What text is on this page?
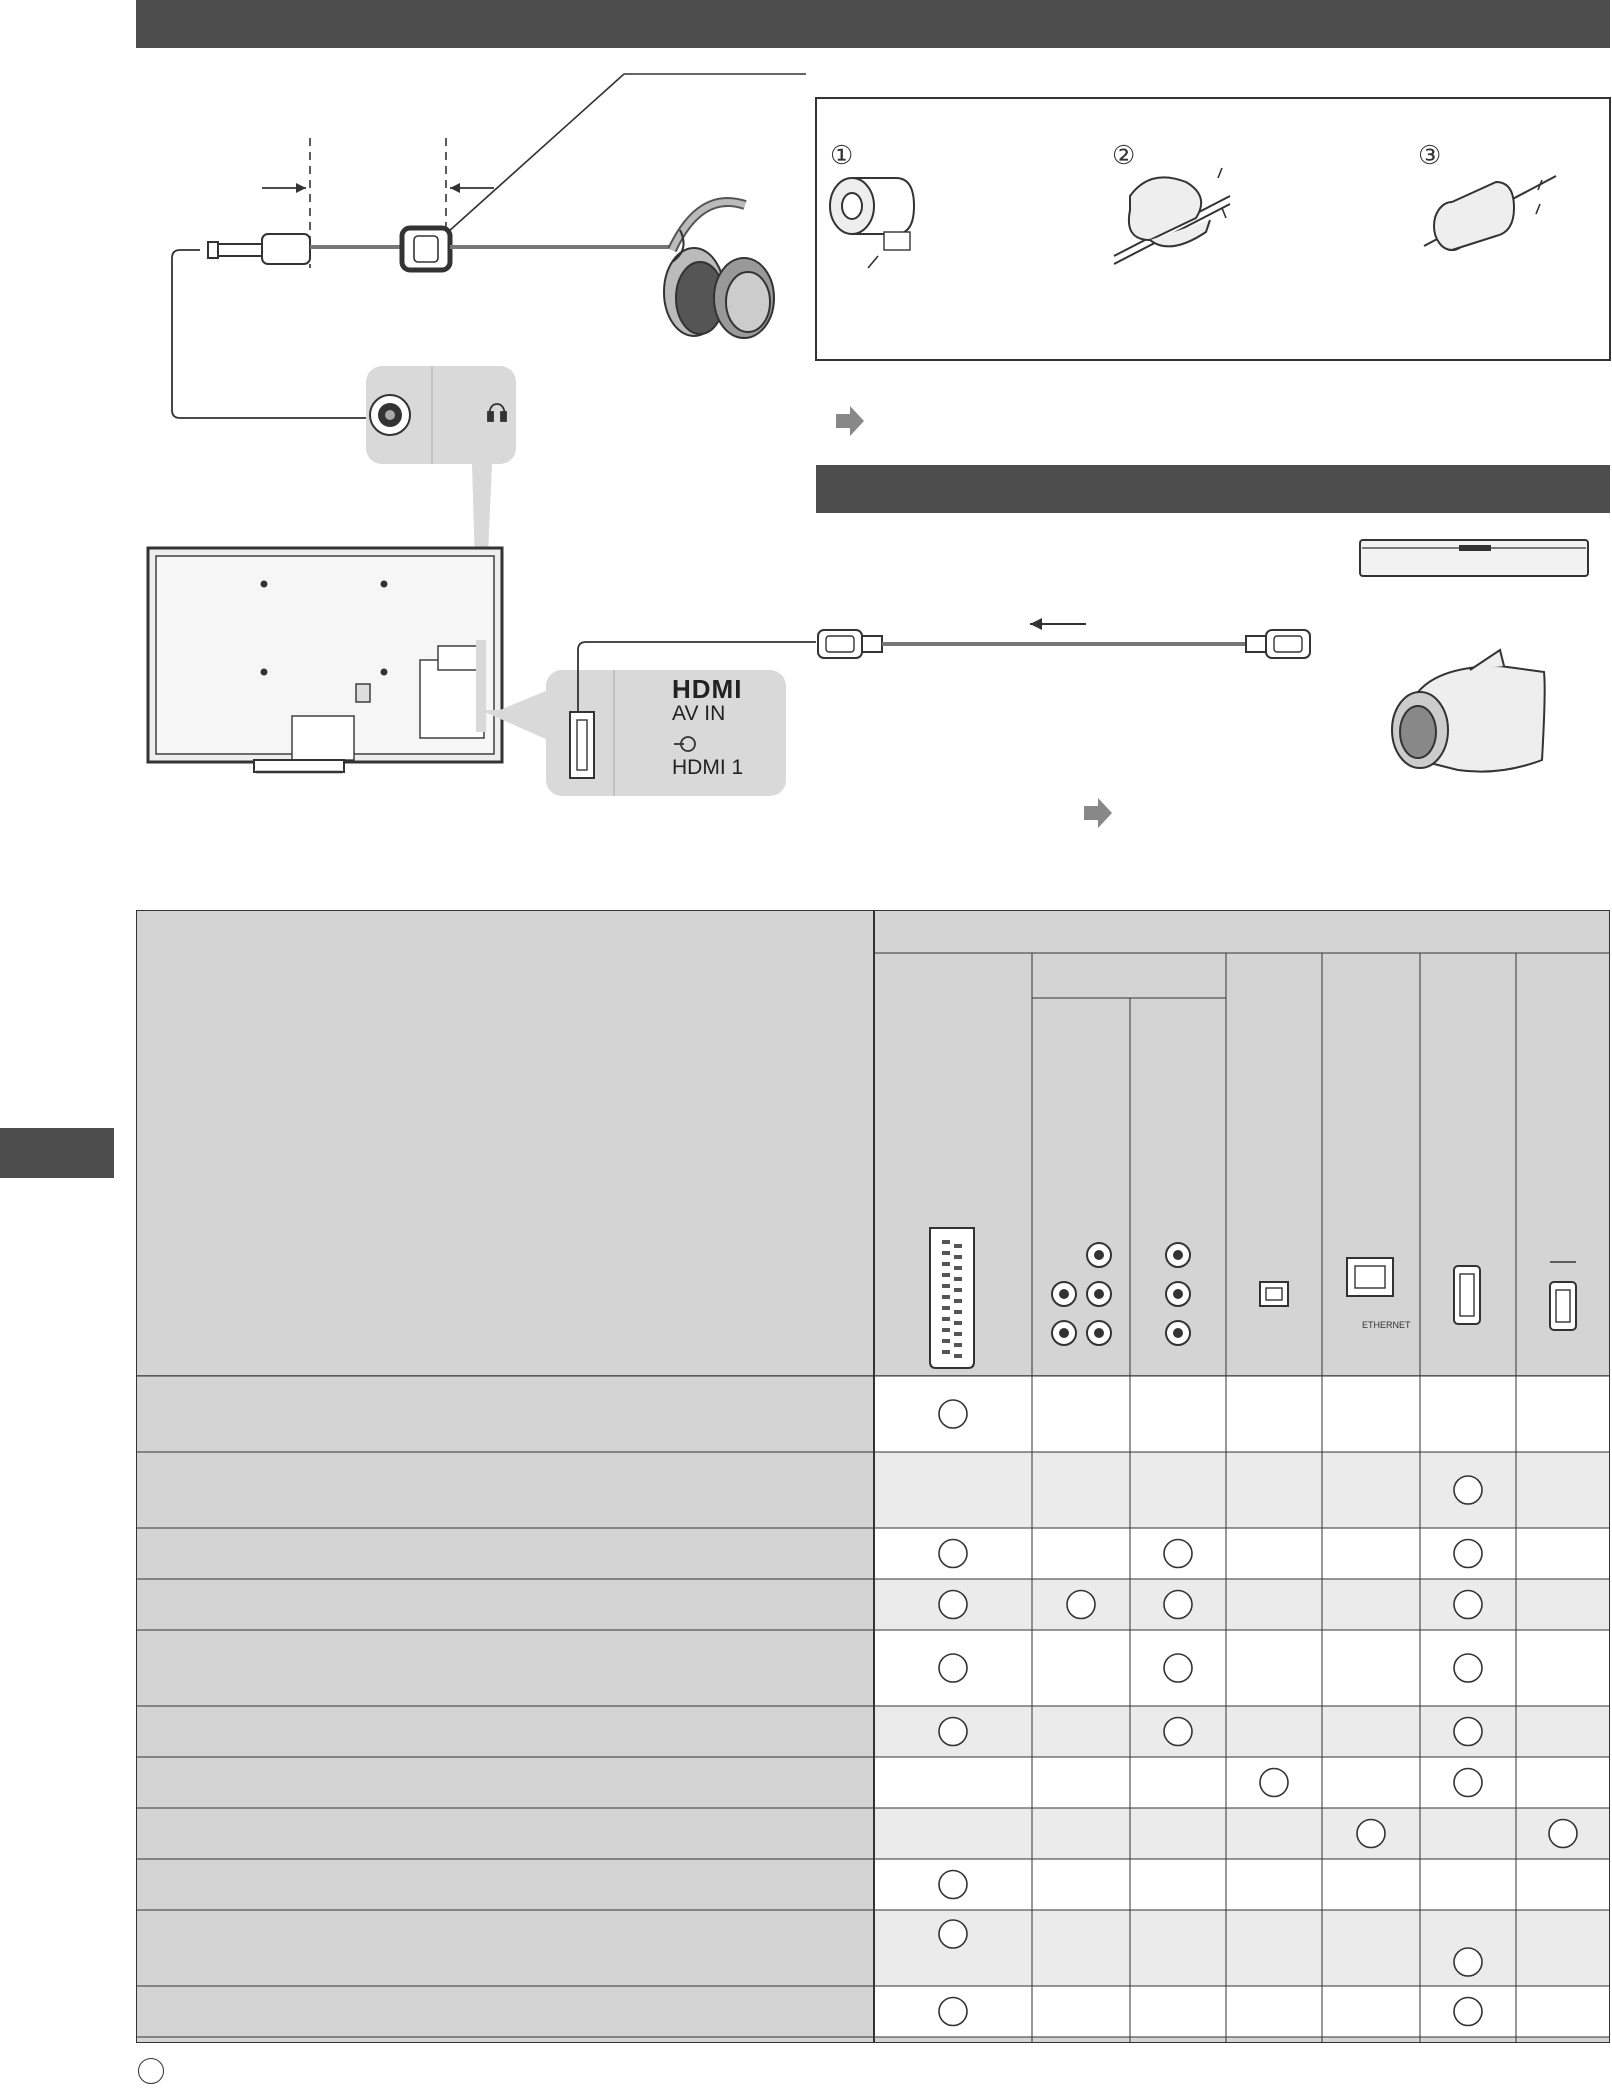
①	②	③
HDMI
AV IN
HDMI 1
ETHERNET
